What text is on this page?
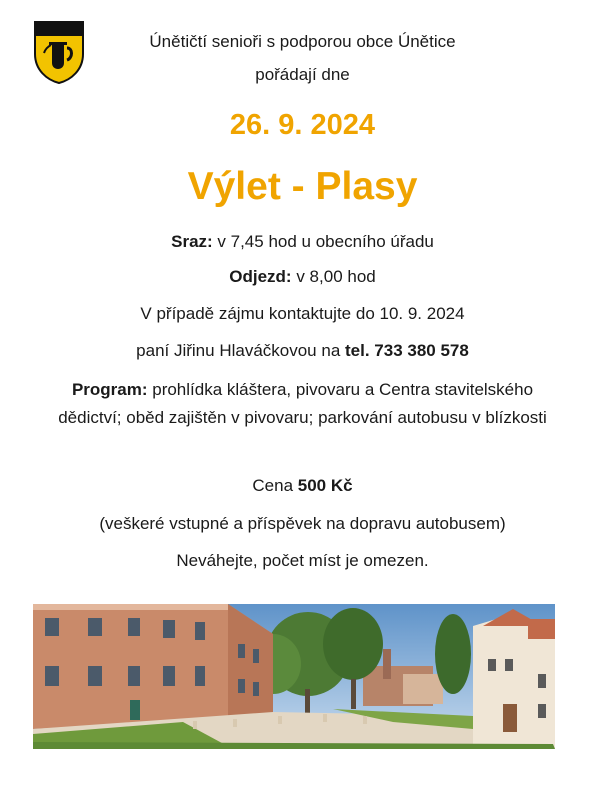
Únětičtí senioři s podporou obce Únětice
pořádají dne
26. 9. 2024
Výlet - Plasy
Sraz: v 7,45 hod u obecního úřadu
Odjezd: v 8,00 hod
V případě zájmu kontaktujte do 10. 9. 2024
paní Jiřinu Hlaváčkovou na tel. 733 380 578
Program: prohlídka kláštera, pivovaru a Centra stavitelského dědictví; oběd zajištěn v pivovaru; parkování autobusu v blízkosti
Cena 500 Kč
(veškeré vstupné a příspěvek na dopravu autobusem)
Neváhejte, počet míst je omezen.
